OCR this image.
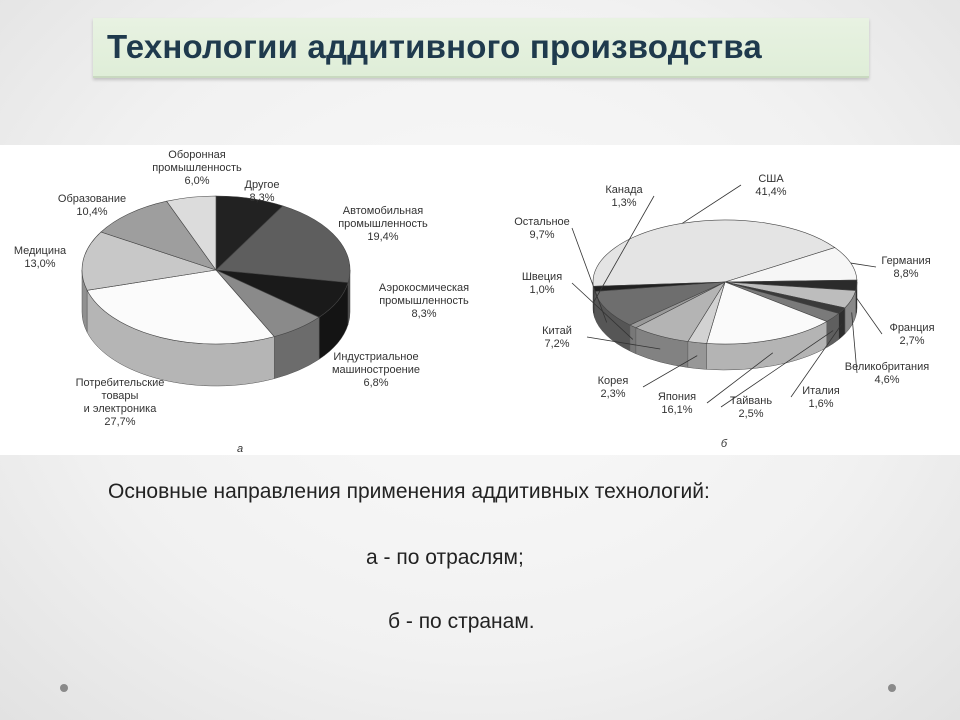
Технологии аддитивного производства
Другое 8,3%
Автомобильная промышленность 19,4%
Аэрокосмическая промышленность 8,3%
Индустриальное машиностроение 6,8%
Потребительские товары и электроника 27,7%
Медицина 13,0%
Образование 10,4%
Оборонная промышленность 6,0%
а
США 41,4%
Германия 8,8%
Франция 2,7%
Великобритания 4,6%
Италия 1,6%
Тайвань 2,5%
Япония 16,1%
Корея 2,3%
Китай 7,2%
Швеция 1,0%
Остальное 9,7%
Канада 1,3%
б
Основные направления применения аддитивных технологий:
а - по отраслям;
б - по странам.
